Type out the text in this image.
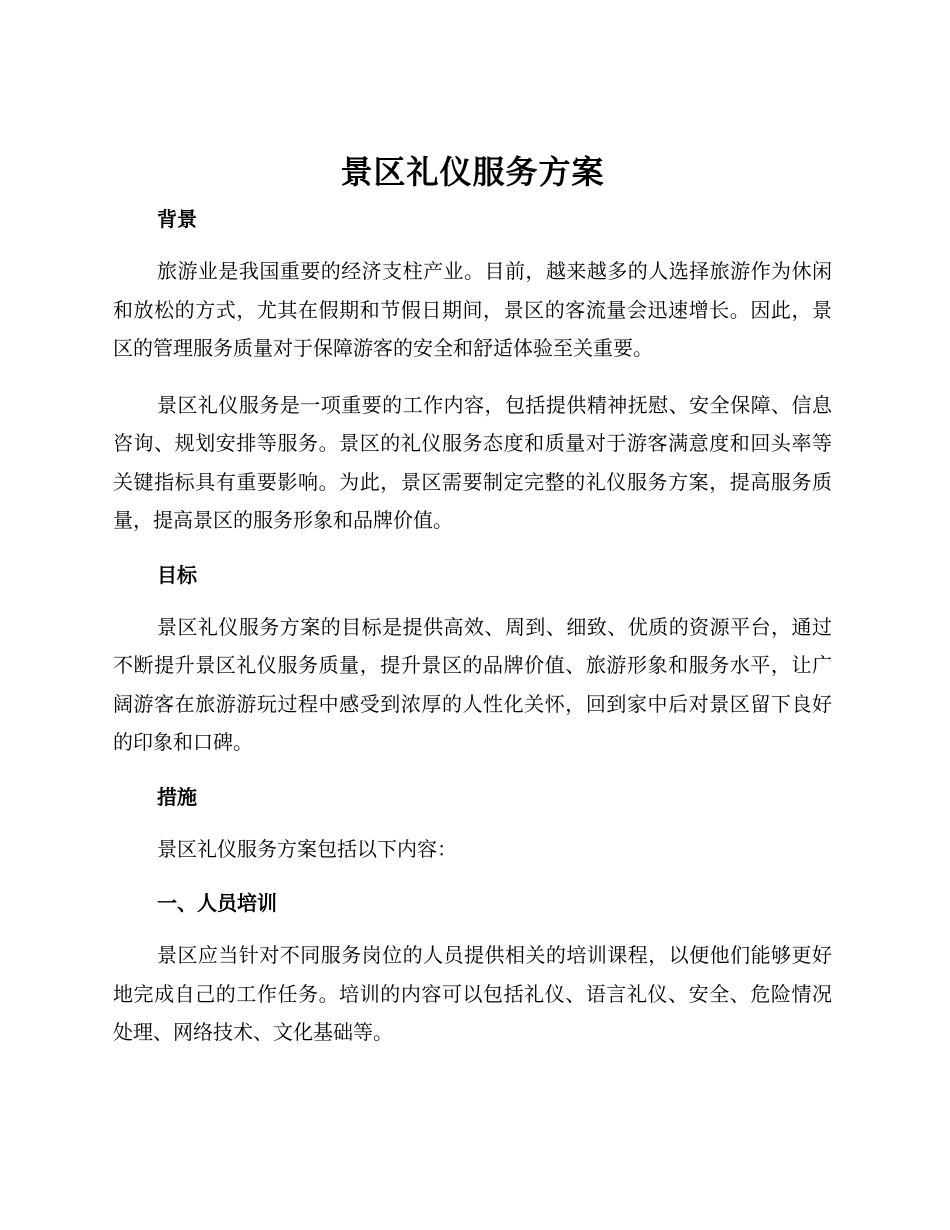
景区礼仪服务方案
背景

旅游业是我国重要的经济支柱产业。目前，越来越多的人选择旅游作为休闲和放松的方式，尤其在假期和节假日期间，景区的客流量会迅速增长。因此，景区的管理服务质量对于保障游客的安全和舒适体验至关重要。

景区礼仪服务是一项重要的工作内容，包括提供精神抚慰、安全保障、信息咨询、规划安排等服务。景区的礼仪服务态度和质量对于游客满意度和回头率等关键指标具有重要影响。为此，景区需要制定完整的礼仪服务方案，提高服务质量，提高景区的服务形象和品牌价值。

目标

景区礼仪服务方案的目标是提供高效、周到、细致、优质的资源平台，通过不断提升景区礼仪服务质量，提升景区的品牌价值、旅游形象和服务水平，让广阔游客在旅游游玩过程中感受到浓厚的人性化关怀，回到家中后对景区留下良好的印象和口碑。

措施

景区礼仪服务方案包括以下内容：

一、人员培训

景区应当针对不同服务岗位的人员提供相关的培训课程，以便他们能够更好地完成自己的工作任务。培训的内容可以包括礼仪、语言礼仪、安全、危险情况处理、网络技术、文化基础等。
